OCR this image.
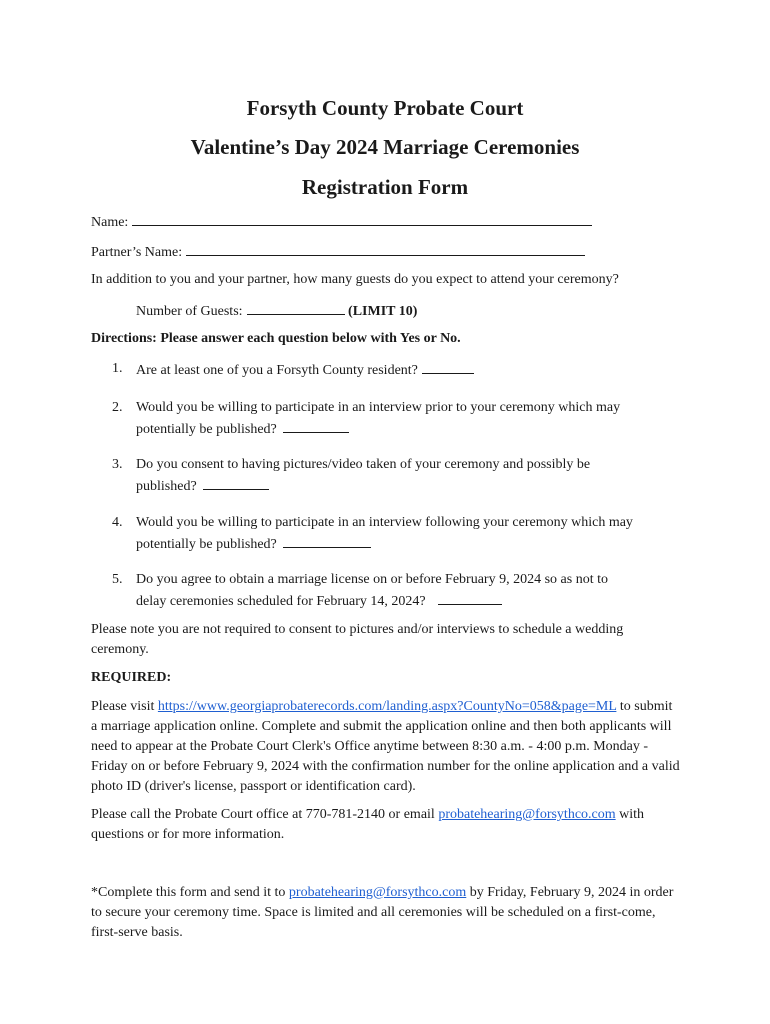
Forsyth County Probate Court
Valentine’s Day 2024 Marriage Ceremonies
Registration Form
Name:
Partner’s Name:
In addition to you and your partner, how many guests do you expect to attend your ceremony?
Number of Guests:	(LIMIT 10)
Directions: Please answer each question below with Yes or No.
1. Are at least one of you a Forsyth County resident?
2. Would you be willing to participate in an interview prior to your ceremony which may
potentially be published?
3. Do you consent to having pictures/video taken of your ceremony and possibly be
published?
4. Would you be willing to participate in an interview following your ceremony which may
potentially be published?
5. Do you agree to obtain a marriage license on or before February 9, 2024 so as not to
delay ceremonies scheduled for February 14, 2024?
Please note you are not required to consent to pictures and/or interviews to schedule a wedding ceremony.
REQUIRED:
Please visit https://www.georgiaprobaterecords.com/landing.aspx?CountyNo=058&page=ML to submit a marriage application online. Complete and submit the application online and then both applicants will need to appear at the Probate Court Clerk's Office anytime between 8:30 a.m. - 4:00 p.m. Monday - Friday on or before February 9, 2024 with the confirmation number for the online application and a valid photo ID (driver's license, passport or identification card).
Please call the Probate Court office at 770-781-2140 or email probatehearing@forsythco.com with questions or for more information.
*Complete this form and send it to probatehearing@forsythco.com by Friday, February 9, 2024 in order to secure your ceremony time. Space is limited and all ceremonies will be scheduled on a first-come, first-serve basis.
